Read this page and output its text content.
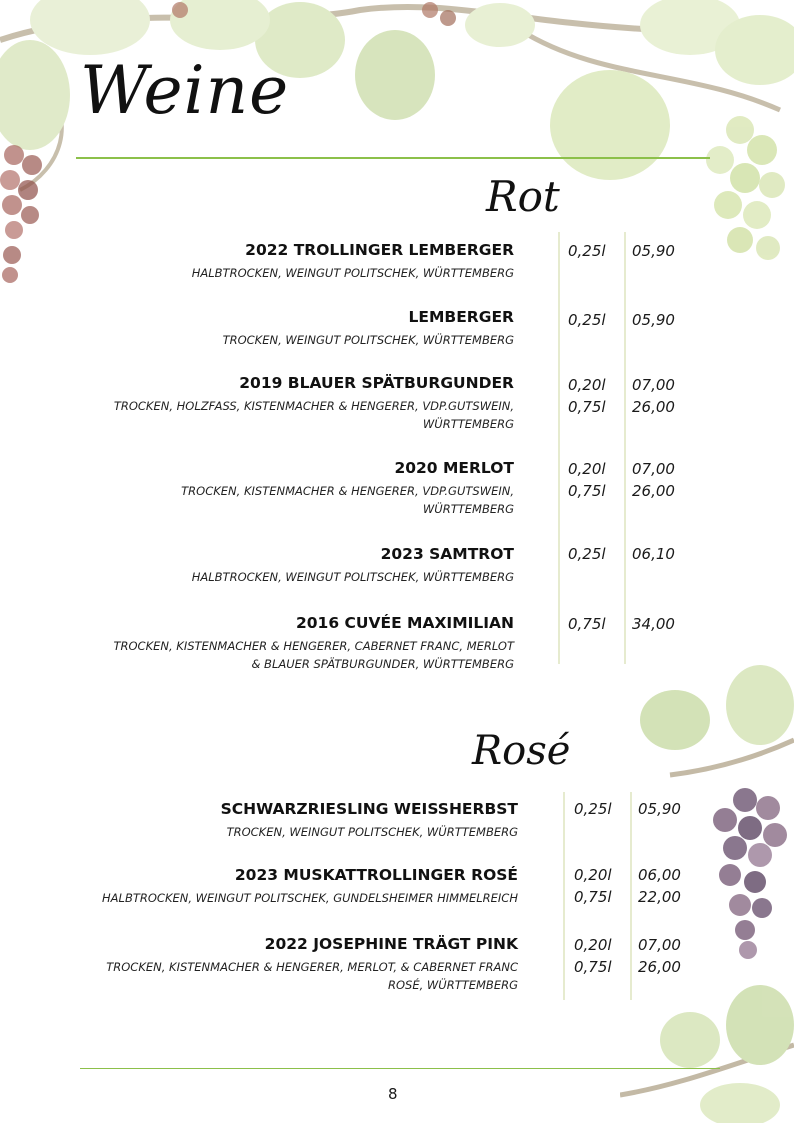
Weine
Rot
2022 TROLLINGER LEMBERGER
HALBTROCKEN, WEINGUT POLITSCHEK, WÜRTTEMBERG
0,25l 05,90
LEMBERGER
TROCKEN, WEINGUT POLITSCHEK, WÜRTTEMBERG
0,25l 05,90
2019 BLAUER SPÄTBURGUNDER
TROCKEN, HOLZFASS, KISTENMACHER & HENGERER, VDP.GUTSWEIN,
WÜRTTEMBERG
0,20l
0,75l
07,00
26,00
2020 MERLOT
TROCKEN, KISTENMACHER & HENGERER, VDP.GUTSWEIN,
WÜRTTEMBERG
0,20l
0,75l
07,00
26,00
2023 SAMTROT
HALBTROCKEN, WEINGUT POLITSCHEK, WÜRTTEMBERG
0,25l 06,10
2016 CUVÉE MAXIMILIAN
TROCKEN, KISTENMACHER & HENGERER, CABERNET FRANC, MERLOT
& BLAUER SPÄTBURGUNDER, WÜRTTEMBERG
0,75l 34,00
Rosé
SCHWARZRIESLING WEISSHERBST
TROCKEN, WEINGUT POLITSCHEK, WÜRTTEMBERG
0,25l 05,90
2023 MUSKATTROLLINGER ROSÉ
HALBTROCKEN, WEINGUT POLITSCHEK, GUNDELSHEIMER HIMMELREICH
0,20l
0,75l
06,00
22,00
2022 JOSEPHINE TRÄGT PINK
TROCKEN, KISTENMACHER & HENGERER, MERLOT, & CABERNET FRANC
ROSÉ, WÜRTTEMBERG
0,20l
0,75l
07,00
26,00
8
